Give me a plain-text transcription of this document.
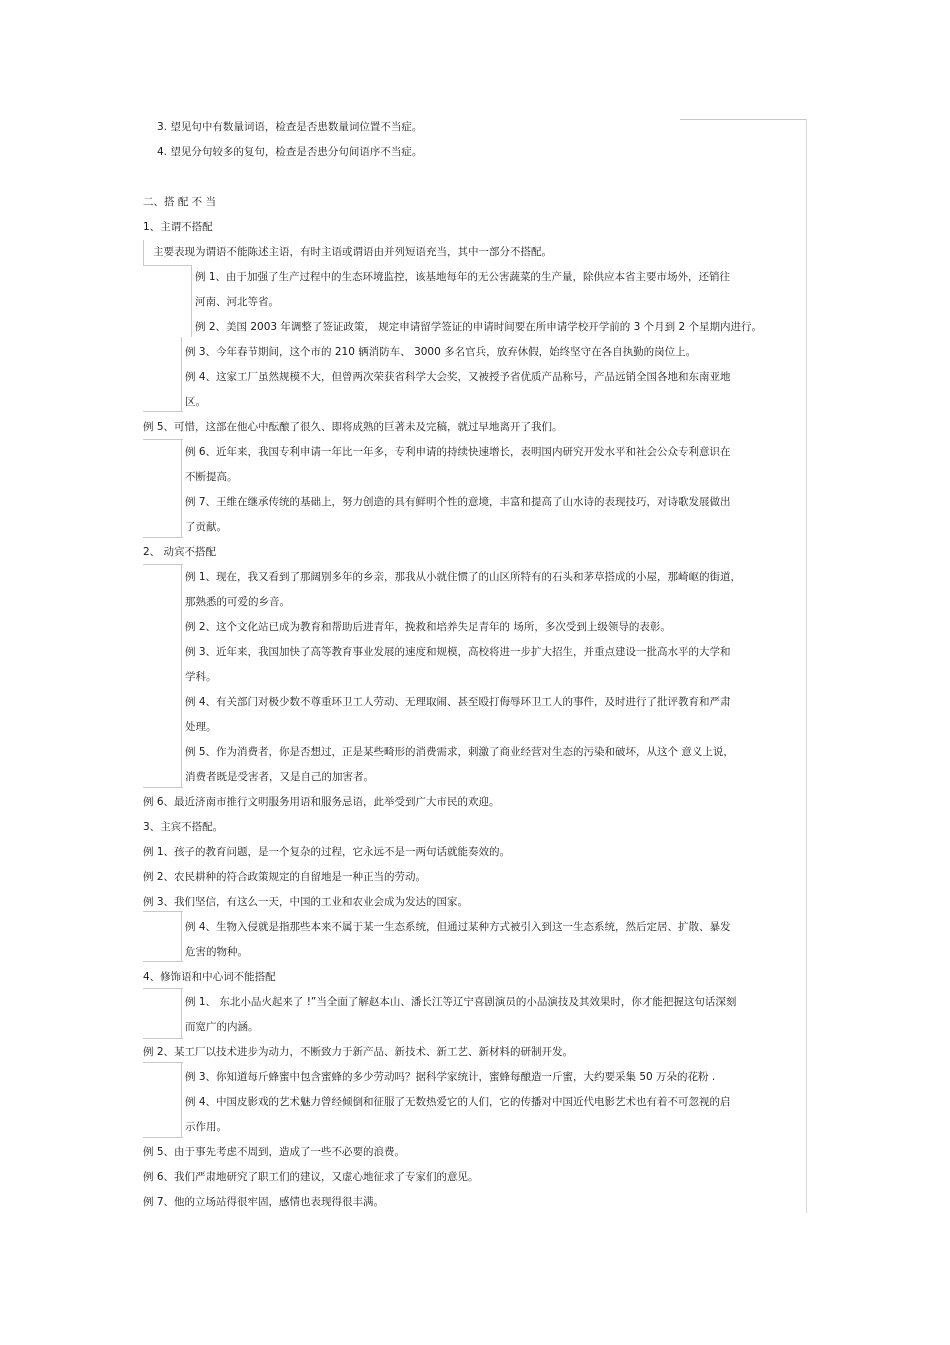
3. 望见句中有数量词语，检查是否患数量词位置不当症。
4. 望见分句较多的复句，检查是否患分句间语序不当症。
二、搭 配 不 当
1、主谓不搭配
主要表现为谓语不能陈述主语，有时主语或谓语由并列短语充当，其中一部分不搭配。
例 1、由于加强了生产过程中的生态环境监控，该基地每年的无公害蔬菜的生产量，除供应本省主要市场外，还销往
河南、河北等省。
例 2、美国 2003 年调整了签证政策， 规定申请留学签证的申请时间要在所申请学校开学前的 3 个月到 2 个星期内进行。
例 3、今年春节期间，这个市的 210 辆消防车、 3000 多名官兵，放弃休假，始终坚守在各自执勤的岗位上。
例 4、这家工厂虽然规模不大，但曾两次荣获省科学大会奖，又被授予省优质产品称号，产品远销全国各地和东南亚地
区。
例 5、可惜，这部在他心中酝酿了很久、即将成熟的巨著未及完稿，就过早地离开了我们。
例 6、近年来，我国专利申请一年比一年多，专利申请的持续快速增长，表明国内研究开发水平和社会公众专利意识在
不断提高。
例 7、王维在继承传统的基础上，努力创造的具有鲜明个性的意境，丰富和提高了山水诗的表现技巧，对诗歌发展做出
了贡献。
2、 动宾不搭配
例 1、现在，我又看到了那阔别多年的乡亲，那我从小就住惯了的山区所特有的石头和茅草搭成的小屋，那崎岖的街道，
那熟悉的可爱的乡音。
例 2、这个文化站已成为教育和帮助后进青年，挽救和培养失足青年的 场所，多次受到上级领导的表彰。
例 3、近年来，我国加快了高等教育事业发展的速度和规模，高校将进一步扩大招生，并重点建设一批高水平的大学和
学科。
例 4、有关部门对极少数不尊重环卫工人劳动、无理取闹、甚至殴打侮辱环卫工人的事件，及时进行了批评教育和严肃
处理。
例 5、作为消费者，你是否想过，正是某些畸形的消费需求，刺激了商业经营对生态的污染和破坏，从这个 意义上说，
消费者既是受害者，又是自己的加害者。
例 6、最近济南市推行文明服务用语和服务忌语，此举受到广大市民的欢迎。
3、主宾不搭配。
例 1、孩子的教育问题，是一个复杂的过程，它永远不是一两句话就能奏效的。
例 2、农民耕种的符合政策规定的自留地是一种正当的劳动。
例 3、我们坚信，有这么一天，中国的工业和农业会成为发达的国家。
例 4、生物入侵就是指那些本来不属于某一生态系统，但通过某种方式被引入到这一生态系统，然后定居、扩散、暴发
危害的物种。
4、修饰语和中心词不能搭配
例 1、 东北小品火起来了 !”当全面了解赵本山、潘长江等辽宁喜剧演员的小品演技及其效果时，你才能把握这句话深刻
而宽广的内涵。
例 2、某工厂以技术进步为动力，不断致力于新产品、新技术、新工艺、新材料的研制开发。
例 3、你知道每斤蜂蜜中包含蜜蜂的多少劳动吗？据科学家统计，蜜蜂每酿造一斤蜜，大约要采集 50 万朵的花粉 .
例 4、中国皮影戏的艺术魅力曾经倾倒和征服了无数热爱它的人们，它的传播对中国近代电影艺术也有着不可忽视的启
示作用。
例 5、由于事先考虑不周到，造成了一些不必要的浪费。
例 6、我们严肃地研究了职工们的建议，又虚心地征求了专家们的意见。
例 7、他的立场站得很牢固，感情也表现得很丰满。
